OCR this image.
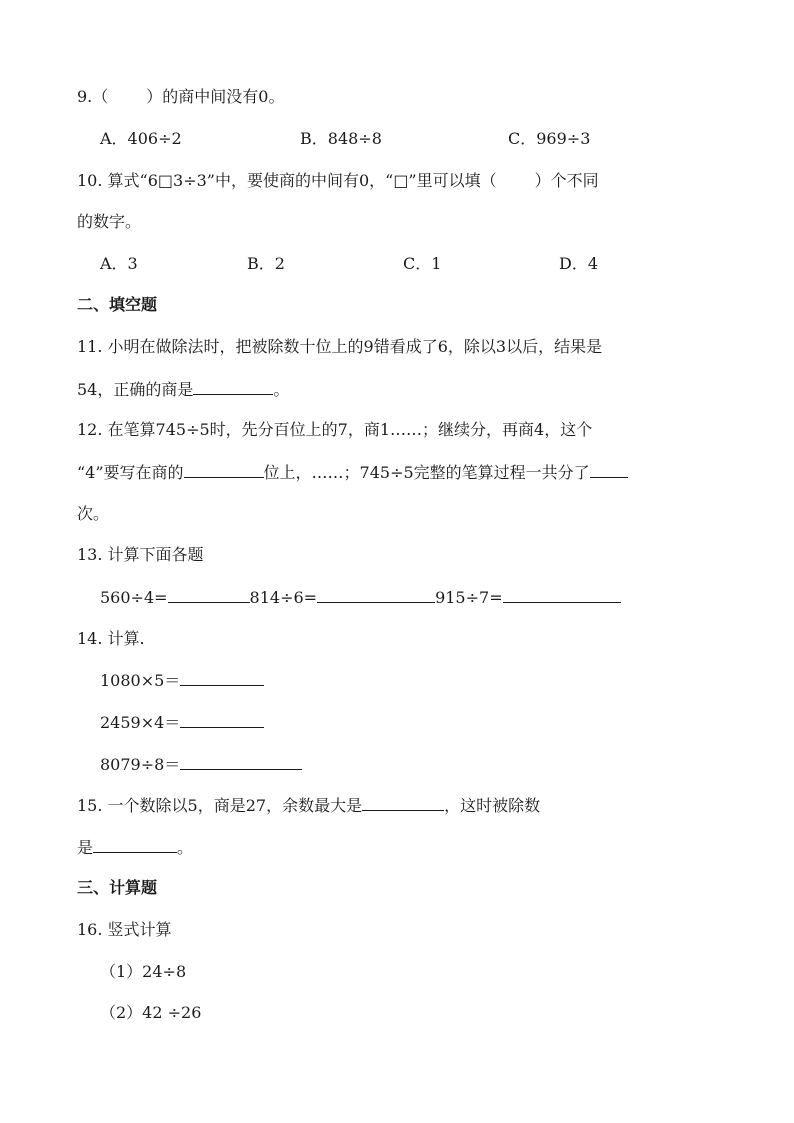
9.（ ）的商中间没有0。
A．406÷2	B．848÷8	C．969÷3
10. 算式“6□3÷3”中，要使商的中间有0，“□”里可以填（ ）个不同
的数字。
A．3	B．2	C．1	D．4
二、填空题
11. 小明在做除法时，把被除数十位上的9错看成了6，除以3以后，结果是
54，正确的商是	。
12. 在笔算745÷5时，先分百位上的7，商1……；继续分，再商4，这个
“4”要写在商的	位上，……；745÷5完整的笔算过程一共分了
次。
13. 计算下面各题
560÷4=	814÷6=	915÷7=
14. 计算.
1080×5＝
2459×4＝
8079÷8＝
15. 一个数除以5，商是27，余数最大是	，这时被除数
是	。
三、计算题
16. 竖式计算
（1）24÷8
（2）42 ÷26
